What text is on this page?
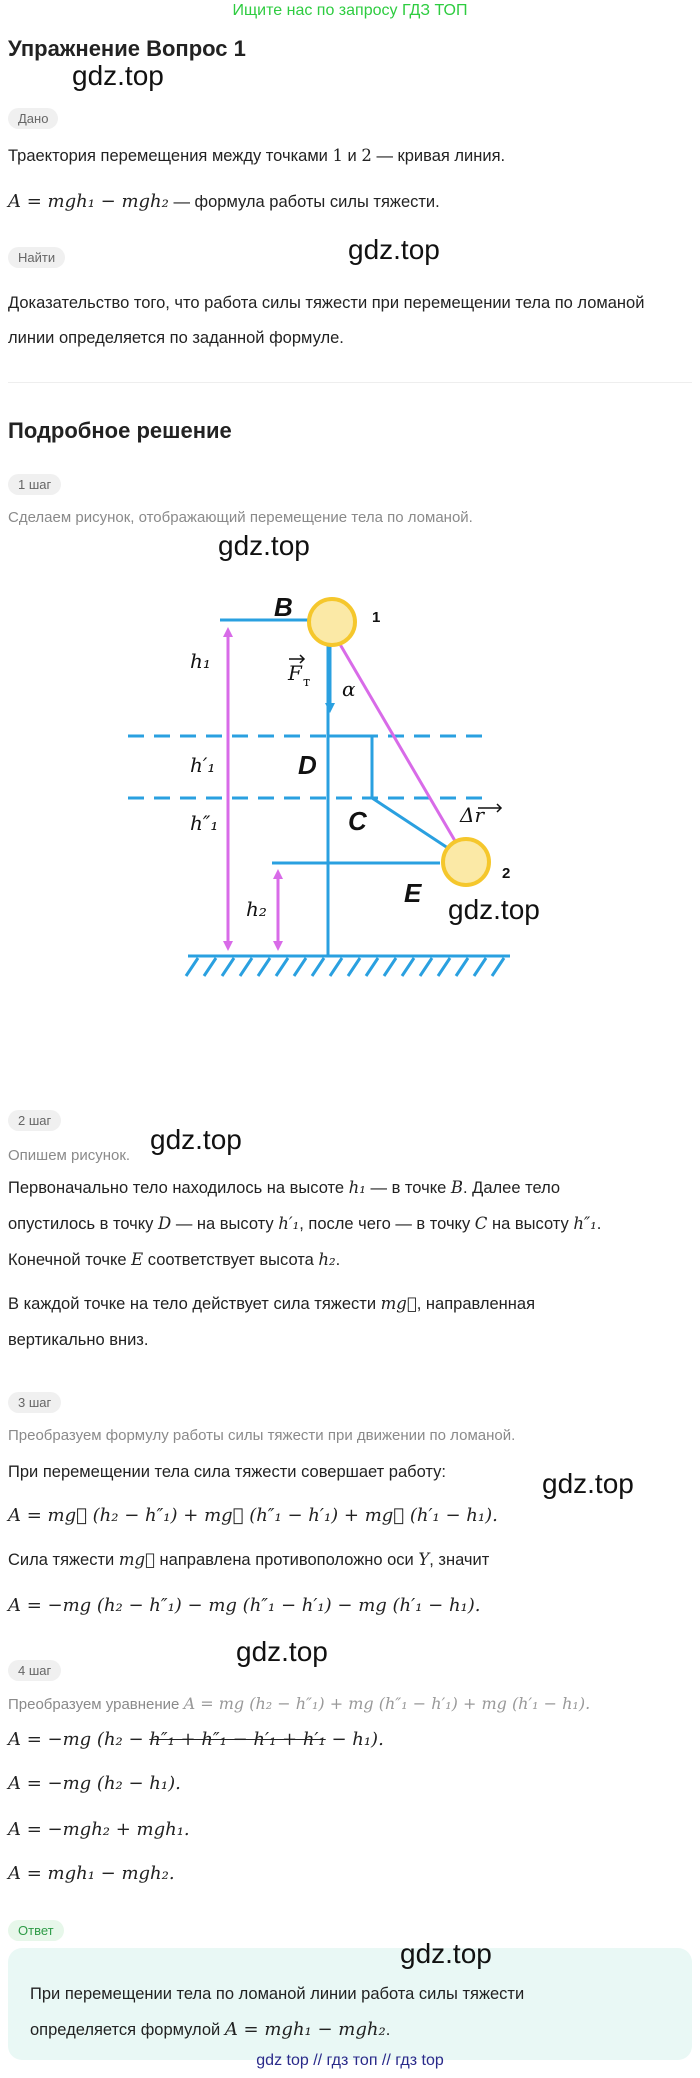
Ищите нас по запросу ГДЗ ТОП
Упражнение Вопрос 1
gdz.top
Дано
Траектория перемещения между точками 1 и 2 — кривая линия.
A = mgh₁ − mgh₂ — формула работы силы тяжести.
Найти	gdz.top
Доказательство того, что работа силы тяжести при перемещении тела по ломаной линии определяется по заданной формуле.
Подробное решение
1 шаг
Сделаем рисунок, отображающий перемещение тела по ломаной.
gdz.top
B	1
h₁	F т α
h′₁	D
C
h″₁	Δr
2
h₂
E
gdz.top
2 шаг
Опишем рисунок.
gdz.top
Первоначально тело находилось на высоте h₁ — в точке B. Далее тело
опустилось в точку D — на высоту h′₁, после чего — в точку C на высоту h″₁.
Конечной точке E соответствует высота h₂.
В каждой точке на тело действует сила тяжести mg⃗, направленная
вертикально вниз.
3 шаг
Преобразуем формулу работы силы тяжести при движении по ломаной.
При перемещении тела сила тяжести совершает работу:	gdz.top
A = mg⃗ (h₂ − h″₁) + mg⃗ (h″₁ − h′₁) + mg⃗ (h′₁ − h₁).
Сила тяжести mg⃗ направлена противоположно оси Y, значит
A = −mg (h₂ − h″₁) − mg (h″₁ − h′₁) − mg (h′₁ − h₁).
gdz.top
4 шаг
Преобразуем уравнение A = mg (h₂ − h″₁) + mg (h″₁ − h′₁) + mg (h′₁ − h₁).
A = −mg (h₂ − h″₁ + h″₁ − h′₁ + h′₁ − h₁).
A = −mg (h₂ − h₁).
A = −mgh₂ + mgh₁.
A = mgh₁ − mgh₂.
Ответ
gdz.top
При перемещении тела по ломаной линии работа силы тяжести
определяется формулой A = mgh₁ − mgh₂.
gdz top // гдз топ // гдз top
